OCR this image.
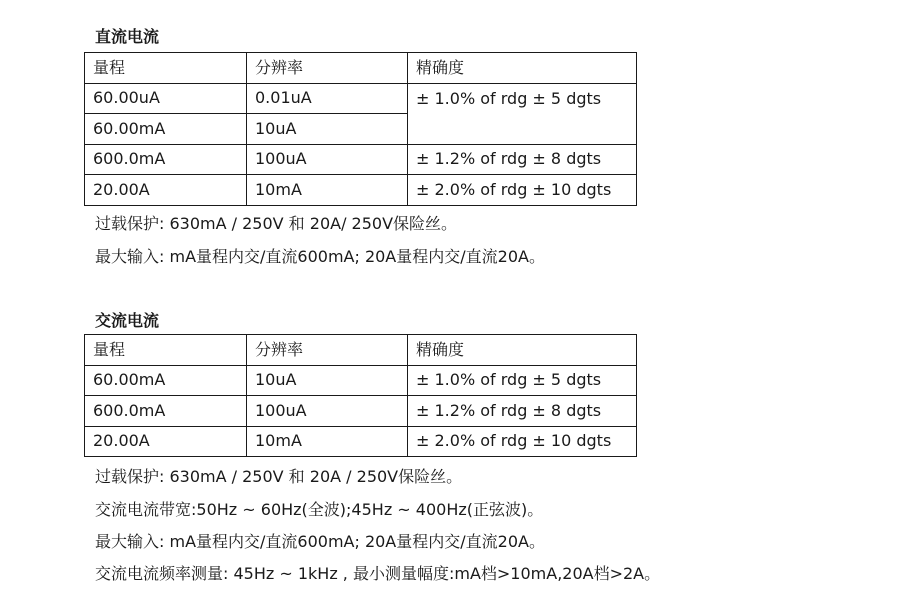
直流电流
量程	分辨率	精确度
60.00uA	0.01uA	± 1.0% of rdg ± 5 dgts
60.00mA	10uA	
600.0mA	100uA	± 1.2% of rdg ± 8 dgts
20.00A	10mA	± 2.0% of rdg ± 10 dgts
过载保护: 630mA / 250V 和 20A/ 250V保险丝。
最大输入: mA量程内交/直流600mA; 20A量程内交/直流20A。
交流电流
量程	分辨率	精确度
60.00mA	10uA	± 1.0% of rdg ± 5 dgts
600.0mA	100uA	± 1.2% of rdg ± 8 dgts
20.00A	10mA	± 2.0% of rdg ± 10 dgts
过载保护: 630mA / 250V 和 20A / 250V保险丝。
交流电流带宽:50Hz ~ 60Hz(全波);45Hz ~ 400Hz(正弦波)。
最大输入: mA量程内交/直流600mA; 20A量程内交/直流20A。
交流电流频率测量: 45Hz ~ 1kHz , 最小测量幅度:mA档>10mA,20A档>2A。
